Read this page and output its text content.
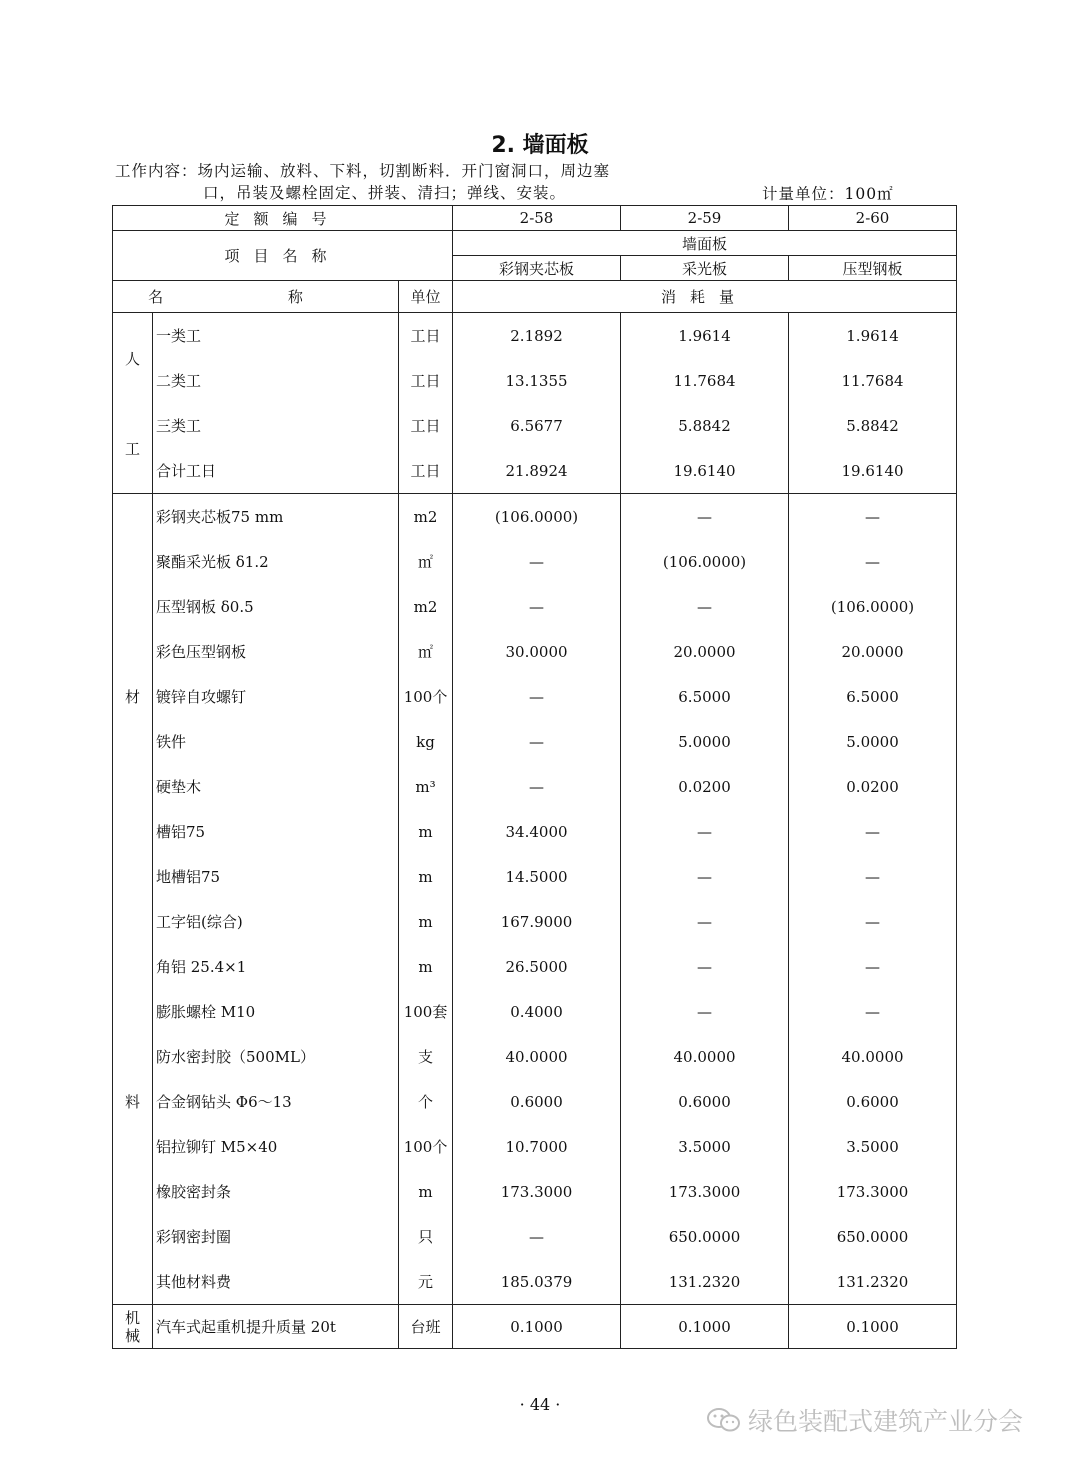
2. 墙面板
工作内容：场内运输、放料、下料，切割断料．开门窗洞口，周边塞
口，吊装及螺栓固定、拼装、清扫；弹线、安装。	计量单位：100㎡
定额编号			2-58	2-59	2-60
项目名称			墙面板		
			彩钢夹芯板	采光板	压型钢板
名 称		单位	消耗量		

人
工	一类工	工日	2.1892	1.9614	1.9614
	二类工	工日	13.1355	11.7684	11.7684
	三类工	工日	6.5677	5.8842	5.8842
	合计工日	工日	21.8924	19.6140	19.6140

材
料	彩钢夹芯板75 mm	m2	(106.0000)	—	—
	聚酯采光板 δ1.2	㎡	—	(106.0000)	—
	压型钢板 δ0.5	m2	—	—	(106.0000)
	彩色压型钢板	㎡	30.0000	20.0000	20.0000
	镀锌自攻螺钉	100个	—	6.5000	6.5000
	铁件	kg	—	5.0000	5.0000
	硬垫木	m³	—	0.0200	0.0200
	槽铝75	m	34.4000	—	—
	地槽铝75	m	14.5000	—	—
	工字铝(综合)	m	167.9000	—	—
	角铝 25.4×1	m	26.5000	—	—
	膨胀螺栓 M10	100套	0.4000	—	—
	防水密封胶（500ML）	支	40.0000	40.0000	40.0000
	合金钢钻头 Φ6～13	个	0.6000	0.6000	0.6000
	铝拉铆钉 M5×40	100个	10.7000	3.5000	3.5000
	橡胶密封条	m	173.3000	173.3000	173.3000
	彩钢密封圈	只	—	650.0000	650.0000
	其他材料费	元	185.0379	131.2320	131.2320

机械	汽车式起重机提升质量 20t	台班	0.1000	0.1000	0.1000
· 44 ·
绿色装配式建筑产业分会
